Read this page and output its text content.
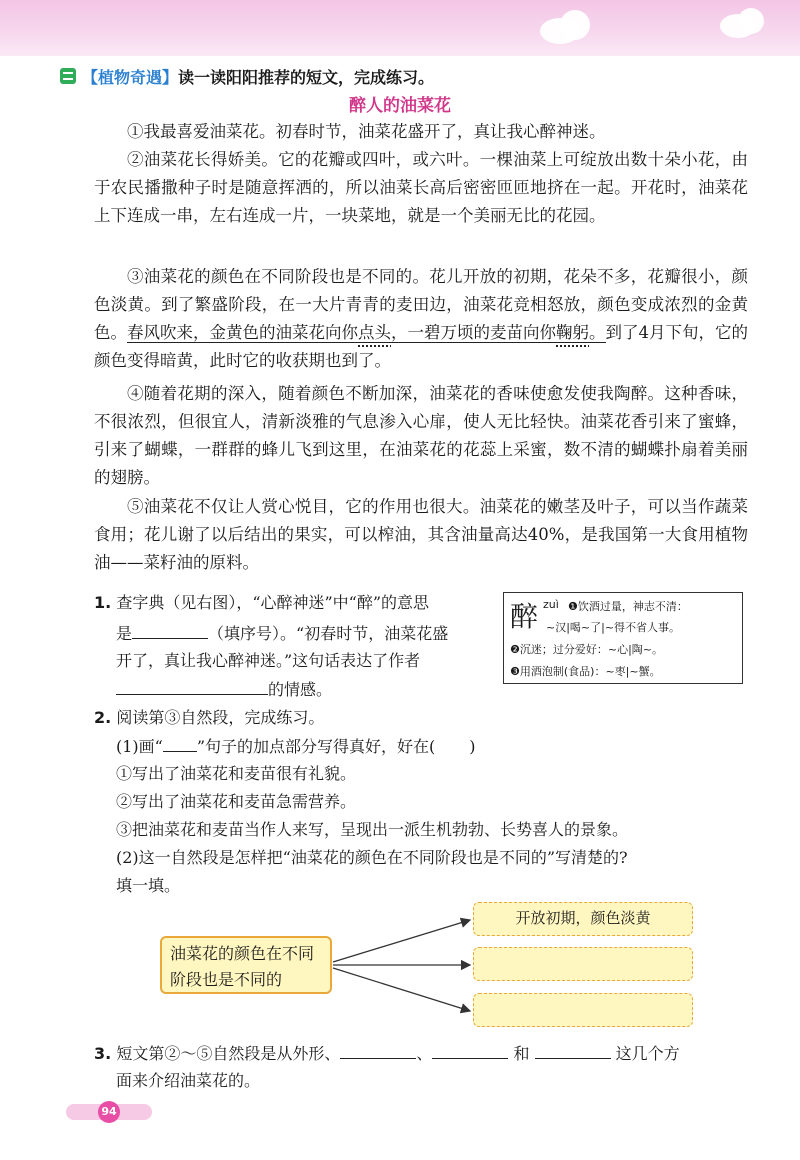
【植物奇遇】 读一读阳阳推荐的短文，完成练习。
醉人的油菜花

①我最喜爱油菜花。初春时节，油菜花盛开了，真让我心醉神迷。

②油菜花长得娇美。它的花瓣或四叶，或六叶。一棵油菜上可绽放出数十朵小花，由于农民播撒种子时是随意挥洒的，所以油菜长高后密密匝匝地挤在一起。开花时，油菜花上下连成一串，左右连成一片，一块菜地，就是一个美丽无比的花园。

③油菜花的颜色在不同阶段也是不同的。花儿开放的初期，花朵不多，花瓣很小，颜色淡黄。到了繁盛阶段，在一大片青青的麦田边，油菜花竞相怒放，颜色变成浓烈的金黄色。春风吹来，金黄色的油菜花向你点头，一碧万顷的麦苗向你鞠躬。到了4月下旬，它的颜色变得暗黄，此时它的收获期也到了。

④随着花期的深入，随着颜色不断加深，油菜花的香味使愈发使我陶醉。这种香味，不很浓烈，但很宜人，清新淡雅的气息渗入心扉，使人无比轻快。油菜花香引来了蜜蜂，引来了蝴蝶，一群群的蜂儿飞到这里，在油菜花的花蕊上采蜜，数不清的蝴蝶扑扇着美丽的翅膀。

⑤油菜花不仅让人赏心悦目，它的作用也很大。油菜花的嫩茎及叶子，可以当作蔬菜食用；花儿谢了以后结出的果实，可以榨油，其含油量高达40%，是我国第一大食用植物油——菜籽油的原料。

1. 查字典（见右图），“心醉神迷”中“醉”的意思
是	（填序号）。“初春时节，油菜花盛
开了，真让我心醉神迷。”这句话表达了作者
的情感。
醉 zuì ❶饮酒过量，神志不清：
~汉|喝~了|~得不省人事。
❷沉迷；过分爱好：~心|陶~。
❸用酒泡制(食品)：~枣|~蟹。
2. 阅读第③自然段，完成练习。
(1)画“ ”句子的加点部分写得真好，好在( )
①写出了油菜花和麦苗很有礼貌。
②写出了油菜花和麦苗急需营养。
③把油菜花和麦苗当作人来写，呈现出一派生机勃勃、长势喜人的景象。
(2)这一自然段是怎样把“油菜花的颜色在不同阶段也是不同的”写清楚的?
填一填。
油菜花的颜色在不同阶段也是不同的
开放初期，颜色淡黄
3. 短文第②～⑤自然段是从外形、	、	和	这几个方
面来介绍油菜花的。
94
